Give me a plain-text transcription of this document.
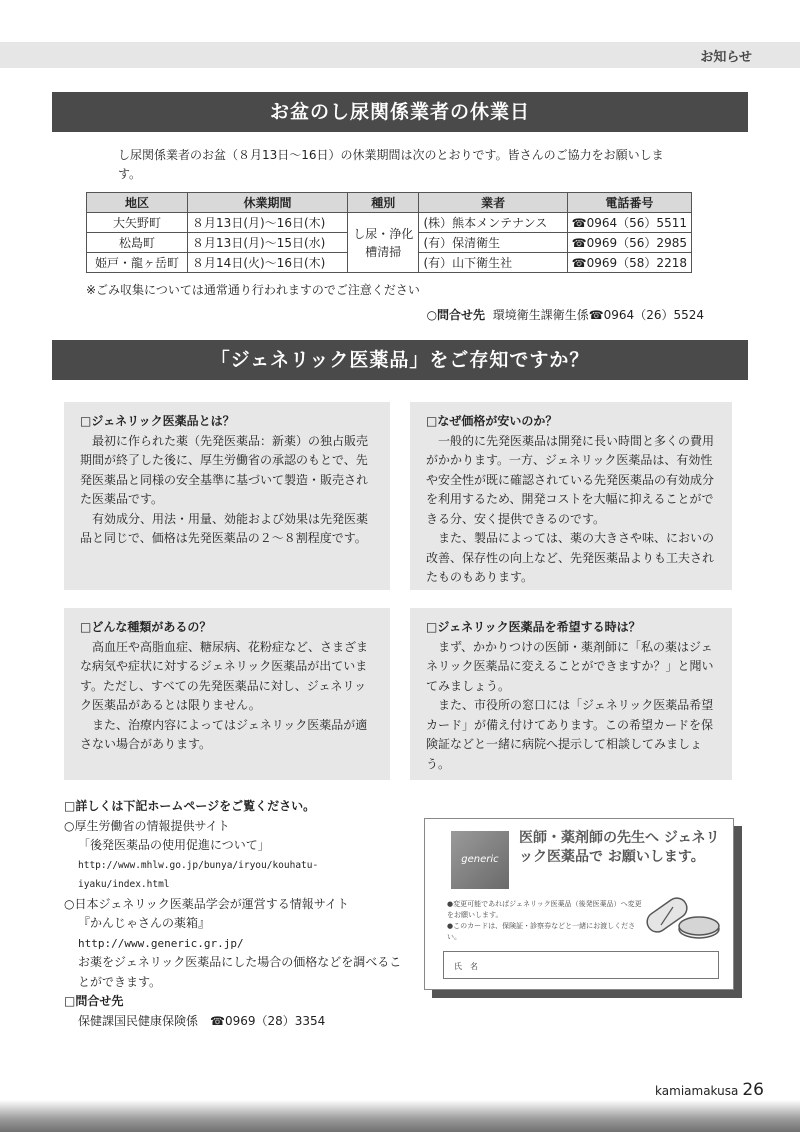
お知らせ
お盆のし尿関係業者の休業日
し尿関係業者のお盆（８月13日～16日）の休業期間は次のとおりです。皆さんのご協力をお願いします。
地区	休業期間	種別	業者	電話番号
大矢野町	８月13日(月)～16日(木)	し尿・浄化槽清掃	(株）熊本メンテナンス	☎0964（56）5511
松島町	８月13日(月)～15日(水)		(有）保清衛生	☎0969（56）2985
姫戸・龍ヶ岳町	８月14日(火)～16日(木)		(有）山下衛生社	☎0969（58）2218
※ごみ収集については通常通り行われますのでご注意ください
○問合せ先 環境衛生課衛生係☎0964（26）5524
「ジェネリック医薬品」をご存知ですか？
□ジェネリック医薬品とは？

最初に作られた薬（先発医薬品：新薬）の独占販売期間が終了した後に、厚生労働省の承認のもとで、先発医薬品と同様の安全基準に基づいて製造・販売された医薬品です。

有効成分、用法・用量、効能および効果は先発医薬品と同じで、価格は先発医薬品の２～８割程度です。

□なぜ価格が安いのか？

一般的に先発医薬品は開発に長い時間と多くの費用がかかります。一方、ジェネリック医薬品は、有効性や安全性が既に確認されている先発医薬品の有効成分を利用するため、開発コストを大幅に抑えることができる分、安く提供できるのです。

また、製品によっては、薬の大きさや味、においの改善、保存性の向上など、先発医薬品よりも工夫されたものもあります。

□どんな種類があるの？

高血圧や高脂血症、糖尿病、花粉症など、さまざまな病気や症状に対するジェネリック医薬品が出ています。ただし、すべての先発医薬品に対し、ジェネリック医薬品があるとは限りません。

また、治療内容によってはジェネリック医薬品が適さない場合があります。

□ジェネリック医薬品を希望する時は？

まず、かかりつけの医師・薬剤師に「私の薬はジェネリック医薬品に変えることができますか？」と聞いてみましょう。

また、市役所の窓口には「ジェネリック医薬品希望カード」が備え付けてあります。この希望カードを保険証などと一緒に病院へ提示して相談してみましょう。

□詳しくは下記ホームページをご覧ください。
○厚生労働省の情報提供サイト
「後発医薬品の使用促進について」
http://www.mhlw.go.jp/bunya/iryou/kouhatu-iyaku/index.html
○日本ジェネリック医薬品学会が運営する情報サイト
『かんじゃさんの薬箱』
http://www.generic.gr.jp/
お薬をジェネリック医薬品にした場合の価格などを調べることができます。
□問合せ先
保健課国民健康保険係　☎0969（28）3354
generic
医師・薬剤師の先生へ ジェネリック医薬品で お願いします。
●変更可能であればジェネリック医薬品（後発医薬品）へ変更をお願いします。
●このカードは、保険証・診察券などと一緒にお渡しください。
氏　名
kamiamakusa 26
